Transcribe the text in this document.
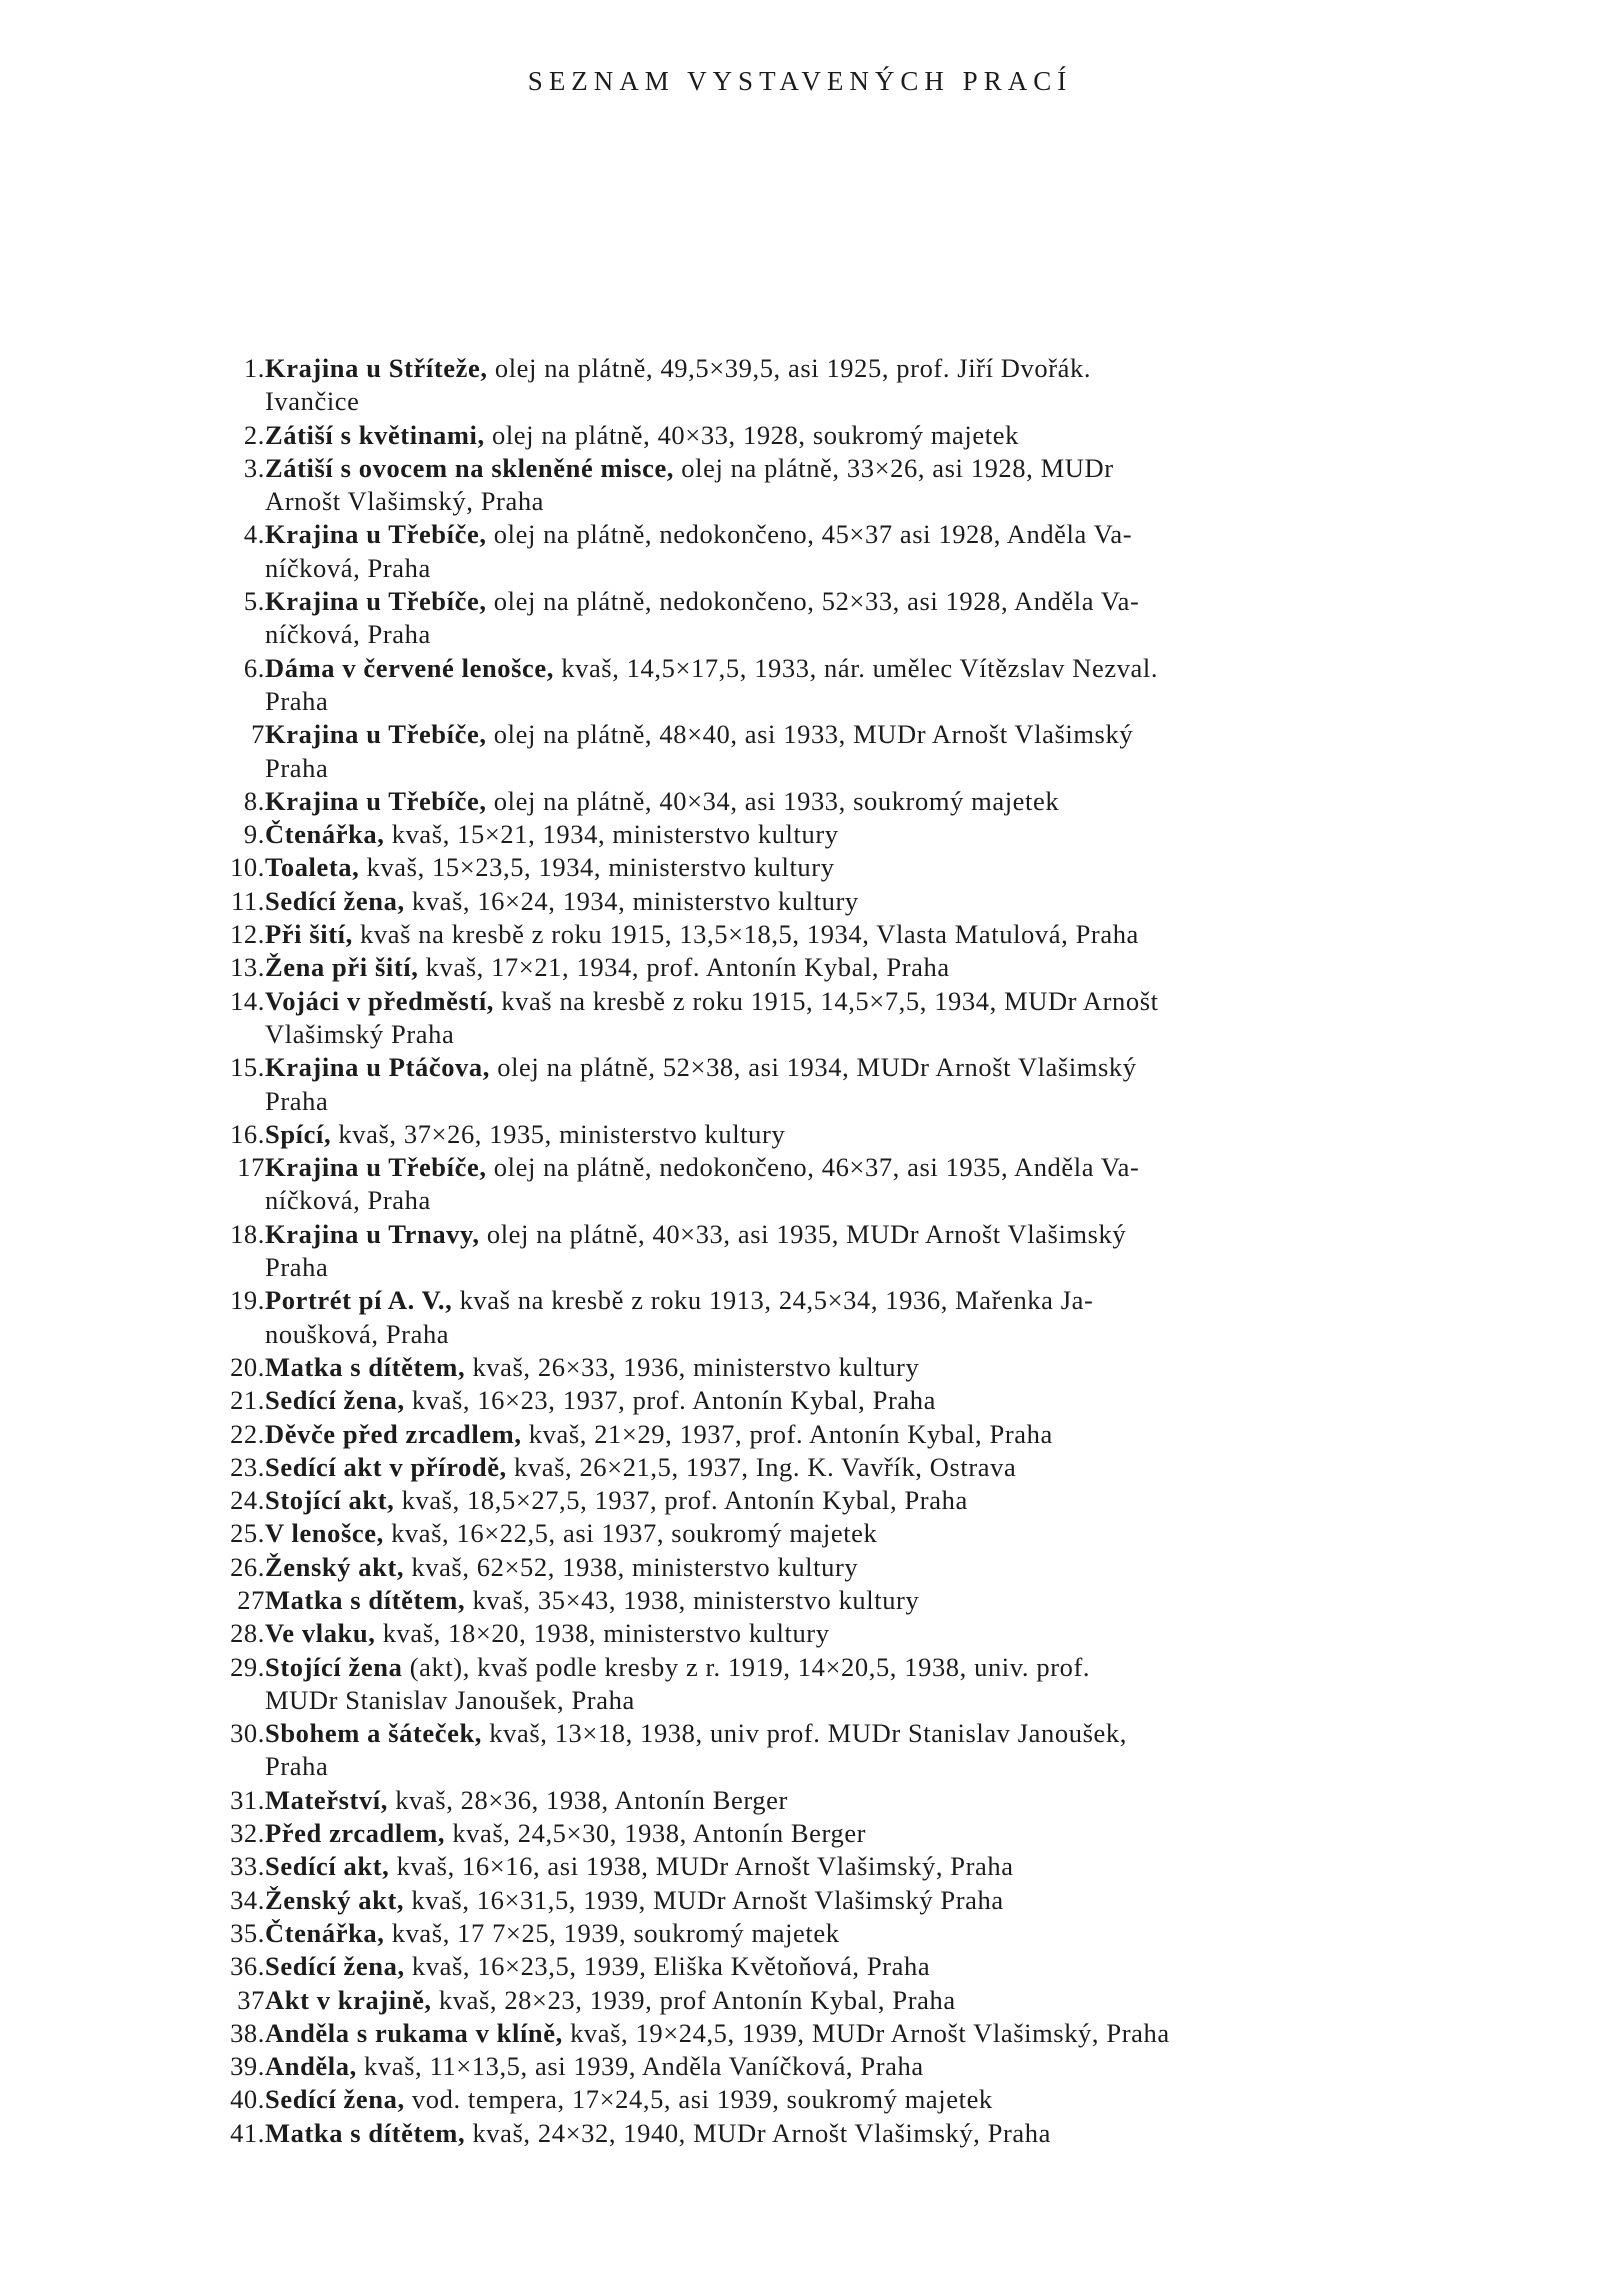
SEZNAM VYSTAVENÝCH PRACÍ
1. Krajina u Stříteže, olej na plátně, 49,5×39,5, asi 1925, prof. Jiří Dvořák.
Ivančice
2. Zátiší s květinami, olej na plátně, 40×33, 1928, soukromý majetek
3. Zátiší s ovocem na skleněné misce, olej na plátně, 33×26, asi 1928, MUDr
Arnošt Vlašimský, Praha
4. Krajina u Třebíče, olej na plátně, nedokončeno, 45×37 asi 1928, Anděla Va-
níčková, Praha
5. Krajina u Třebíče, olej na plátně, nedokončeno, 52×33, asi 1928, Anděla Va-
níčková, Praha
6. Dáma v červené lenošce, kvaš, 14,5×17,5, 1933, nár. umělec Vítězslav Nezval.
Praha
7 Krajina u Třebíče, olej na plátně, 48×40, asi 1933, MUDr Arnošt Vlašimský
Praha
8. Krajina u Třebíče, olej na plátně, 40×34, asi 1933, soukromý majetek
9. Čtenářka, kvaš, 15×21, 1934, ministerstvo kultury
10. Toaleta, kvaš, 15×23,5, 1934, ministerstvo kultury
11. Sedící žena, kvaš, 16×24, 1934, ministerstvo kultury
12. Při šití, kvaš na kresbě z roku 1915, 13,5×18,5, 1934, Vlasta Matulová, Praha
13. Žena při šití, kvaš, 17×21, 1934, prof. Antonín Kybal, Praha
14. Vojáci v předměstí, kvaš na kresbě z roku 1915, 14,5×7,5, 1934, MUDr Arnošt
Vlašimský Praha
15. Krajina u Ptáčova, olej na plátně, 52×38, asi 1934, MUDr Arnošt Vlašimský
Praha
16. Spící, kvaš, 37×26, 1935, ministerstvo kultury
17 Krajina u Třebíče, olej na plátně, nedokončeno, 46×37, asi 1935, Anděla Va-
níčková, Praha
18. Krajina u Trnavy, olej na plátně, 40×33, asi 1935, MUDr Arnošt Vlašimský
Praha
19. Portrét pí A. V., kvaš na kresbě z roku 1913, 24,5×34, 1936, Mařenka Ja-
noušková, Praha
20. Matka s dítětem, kvaš, 26×33, 1936, ministerstvo kultury
21. Sedící žena, kvaš, 16×23, 1937, prof. Antonín Kybal, Praha
22. Děvče před zrcadlem, kvaš, 21×29, 1937, prof. Antonín Kybal, Praha
23. Sedící akt v přírodě, kvaš, 26×21,5, 1937, Ing. K. Vavřík, Ostrava
24. Stojící akt, kvaš, 18,5×27,5, 1937, prof. Antonín Kybal, Praha
25. V lenošce, kvaš, 16×22,5, asi 1937, soukromý majetek
26. Ženský akt, kvaš, 62×52, 1938, ministerstvo kultury
27 Matka s dítětem, kvaš, 35×43, 1938, ministerstvo kultury
28. Ve vlaku, kvaš, 18×20, 1938, ministerstvo kultury
29. Stojící žena (akt), kvaš podle kresby z r. 1919, 14×20,5, 1938, univ. prof.
MUDr Stanislav Janoušek, Praha
30. Sbohem a šáteček, kvaš, 13×18, 1938, univ prof. MUDr Stanislav Janoušek,
Praha
31. Mateřství, kvaš, 28×36, 1938, Antonín Berger
32. Před zrcadlem, kvaš, 24,5×30, 1938, Antonín Berger
33. Sedící akt, kvaš, 16×16, asi 1938, MUDr Arnošt Vlašimský, Praha
34. Ženský akt, kvaš, 16×31,5, 1939, MUDr Arnošt Vlašimský Praha
35. Čtenářka, kvaš, 17 7×25, 1939, soukromý majetek
36. Sedící žena, kvaš, 16×23,5, 1939, Eliška Květoňová, Praha
37 Akt v krajině, kvaš, 28×23, 1939, prof Antonín Kybal, Praha
38. Anděla s rukama v klíně, kvaš, 19×24,5, 1939, MUDr Arnošt Vlašimský, Praha
39. Anděla, kvaš, 11×13,5, asi 1939, Anděla Vaníčková, Praha
40. Sedící žena, vod. tempera, 17×24,5, asi 1939, soukromý majetek
41. Matka s dítětem, kvaš, 24×32, 1940, MUDr Arnošt Vlašimský, Praha
